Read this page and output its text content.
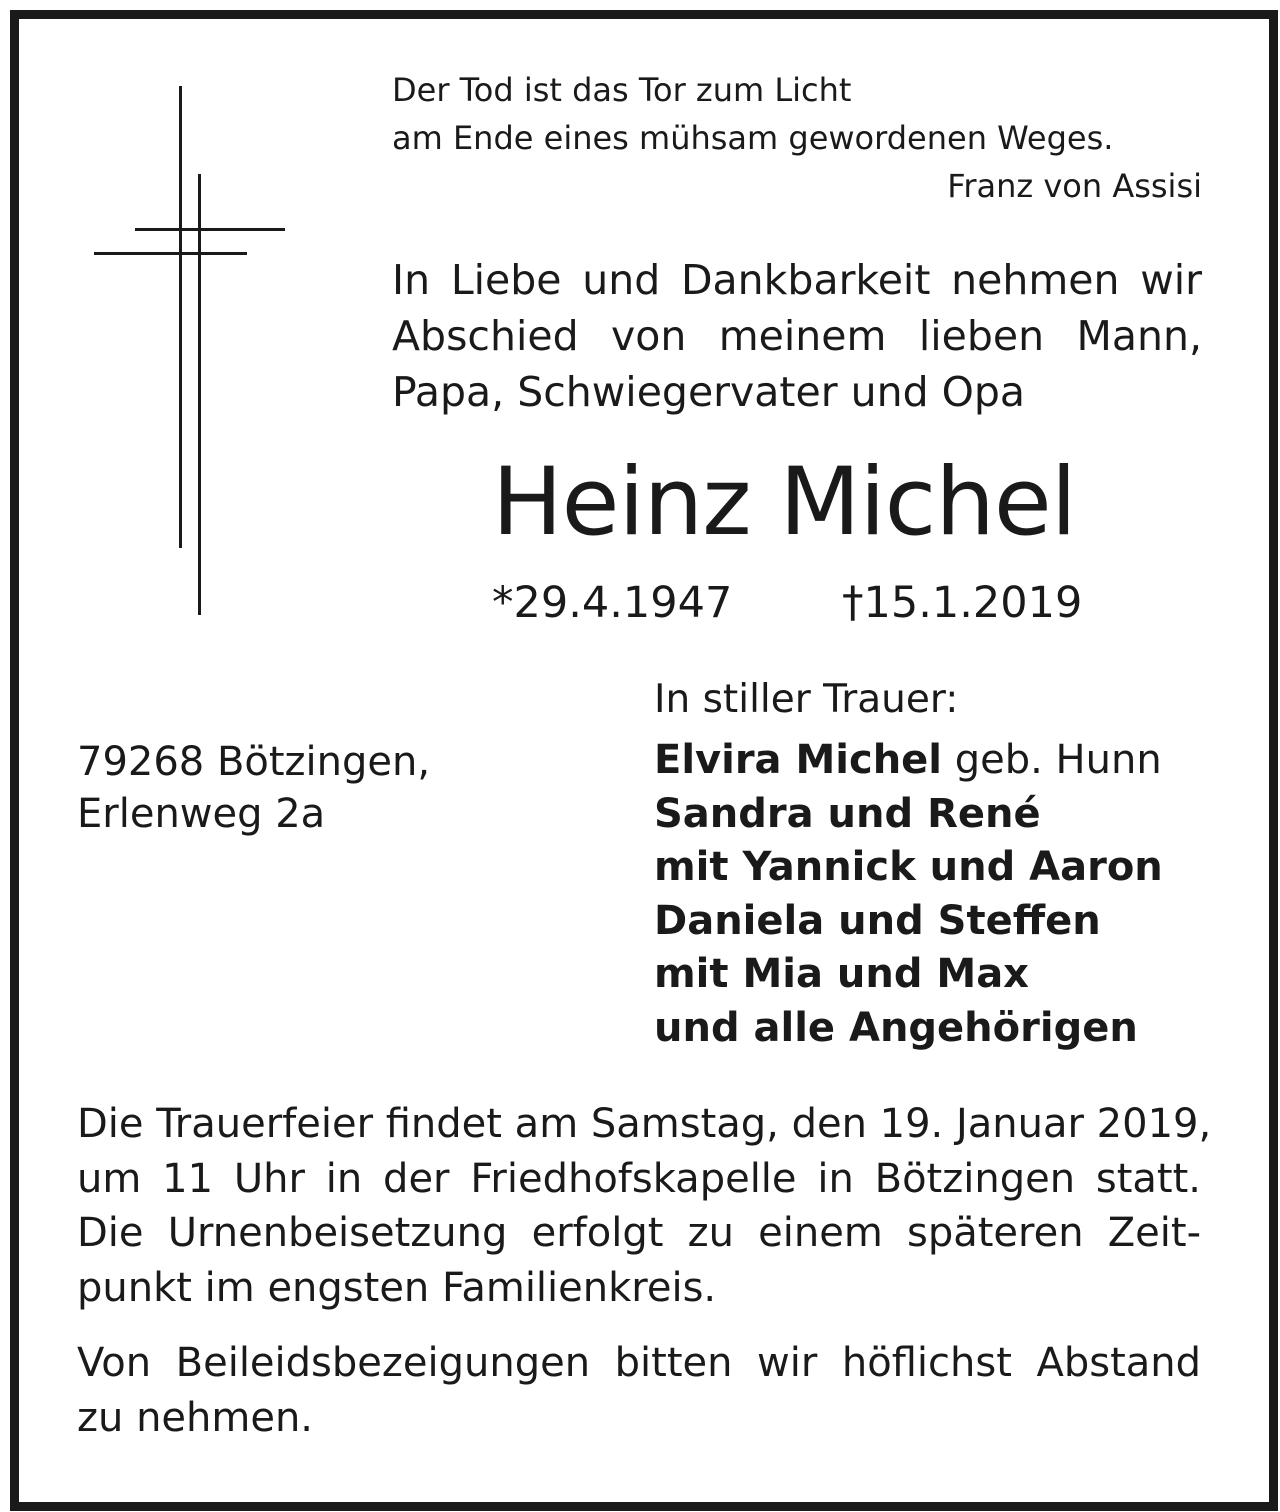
Der Tod ist das Tor zum Licht
am Ende eines mühsam gewordenen Weges.
Franz von Assisi
In Liebe und Dankbarkeit nehmen wir
Abschied von meinem lieben Mann,
Papa, Schwiegervater und Opa
Heinz Michel
*29.4.1947	†15.1.2019
In stiller Trauer:
Elvira Michel geb. Hunn
Sandra und René
mit Yannick und Aaron
Daniela und Steffen
mit Mia und Max
und alle Angehörigen
79268 Bötzingen,
Erlenweg 2a
Die Trauerfeier findet am Samstag, den 19. Januar 2019,
um 11 Uhr in der Friedhofskapelle in Bötzingen statt.
Die Urnenbeisetzung erfolgt zu einem späteren Zeit-
punkt im engsten Familienkreis.
Von Beileidsbezeigungen bitten wir höflichst Abstand
zu nehmen.
